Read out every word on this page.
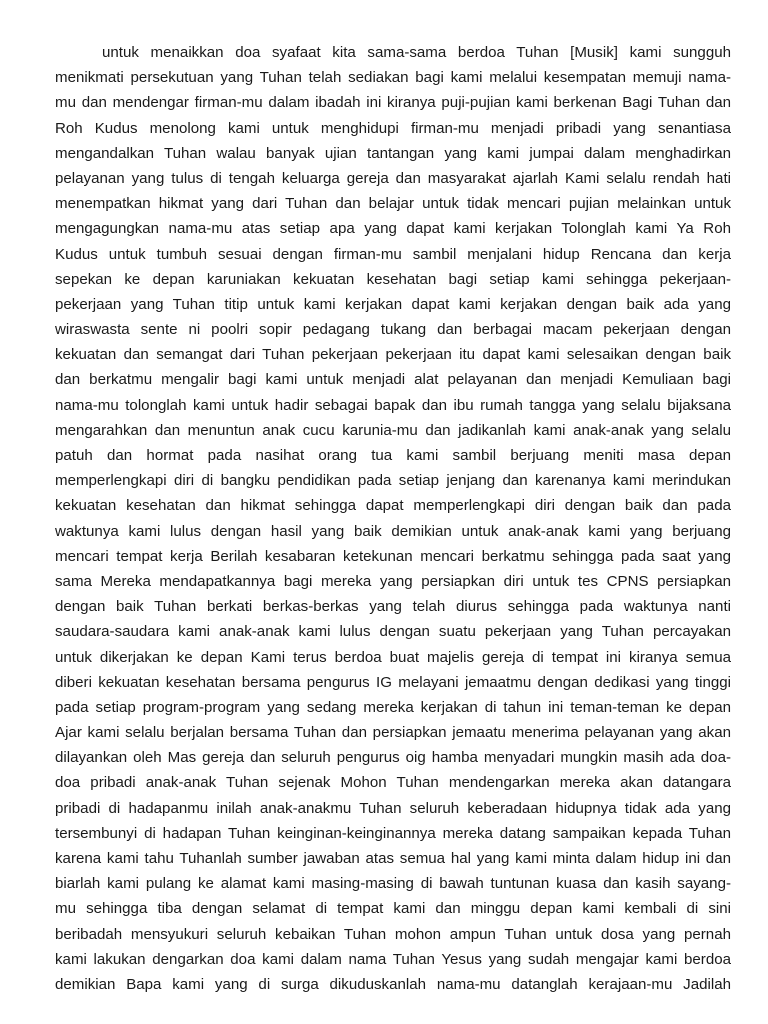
untuk menaikkan doa syafaat kita sama-sama berdoa Tuhan [Musik] kami sungguh
menikmati persekutuan yang Tuhan telah sediakan bagi kami melalui kesempatan memuji nama-
mu dan mendengar firman-mu dalam ibadah ini kiranya puji-pujian kami berkenan Bagi Tuhan dan
Roh Kudus menolong kami untuk menghidupi firman-mu menjadi pribadi yang senantiasa
mengandalkan Tuhan walau banyak ujian tantangan yang kami jumpai dalam menghadirkan
pelayanan yang tulus di tengah keluarga gereja dan masyarakat ajarlah Kami selalu rendah hati
menempatkan hikmat yang dari Tuhan dan belajar untuk tidak mencari pujian melainkan untuk
mengagungkan nama-mu atas setiap apa yang dapat kami kerjakan Tolonglah kami Ya Roh
Kudus untuk tumbuh sesuai dengan firman-mu sambil menjalani hidup Rencana dan kerja
sepekan ke depan karuniakan kekuatan kesehatan bagi setiap kami sehingga pekerjaan-
pekerjaan yang Tuhan titip untuk kami kerjakan dapat kami kerjakan dengan baik ada yang
wiraswasta sente ni poolri sopir pedagang tukang dan berbagai macam pekerjaan dengan
kekuatan dan semangat dari Tuhan pekerjaan pekerjaan itu dapat kami selesaikan dengan baik
dan berkatmu mengalir bagi kami untuk menjadi alat pelayanan dan menjadi Kemuliaan bagi
nama-mu tolonglah kami untuk hadir sebagai bapak dan ibu rumah tangga yang selalu bijaksana
mengarahkan dan menuntun anak cucu karunia-mu dan jadikanlah kami anak-anak yang selalu
patuh dan hormat pada nasihat orang tua kami sambil berjuang meniti masa depan
memperlengkapi diri di bangku pendidikan pada setiap jenjang dan karenanya kami merindukan
kekuatan kesehatan dan hikmat sehingga dapat memperlengkapi diri dengan baik dan pada
waktunya kami lulus dengan hasil yang baik demikian untuk anak-anak kami yang berjuang
mencari tempat kerja Berilah kesabaran ketekunan mencari berkatmu sehingga pada saat yang
sama Mereka mendapatkannya bagi mereka yang persiapkan diri untuk tes CPNS persiapkan
dengan baik Tuhan berkati berkas-berkas yang telah diurus sehingga pada waktunya nanti
saudara-saudara kami anak-anak kami lulus dengan suatu pekerjaan yang Tuhan percayakan
untuk dikerjakan ke depan Kami terus berdoa buat majelis gereja di tempat ini kiranya semua
diberi kekuatan kesehatan bersama pengurus IG melayani jemaatmu dengan dedikasi yang tinggi
pada setiap program-program yang sedang mereka kerjakan di tahun ini teman-teman ke depan
Ajar kami selalu berjalan bersama Tuhan dan persiapkan jemaatu menerima pelayanan yang akan
dilayankan oleh Mas gereja dan seluruh pengurus oig hamba menyadari mungkin masih ada doa-
doa pribadi anak-anak Tuhan sejenak Mohon Tuhan mendengarkan mereka akan datangara
pribadi di hadapanmu inilah anak-anakmu Tuhan seluruh keberadaan hidupnya tidak ada yang
tersembunyi di hadapan Tuhan keinginan-keinginannya mereka datang sampaikan kepada Tuhan
karena kami tahu Tuhanlah sumber jawaban atas semua hal yang kami minta dalam hidup ini dan
biarlah kami pulang ke alamat kami masing-masing di bawah tuntunan kuasa dan kasih sayang-
mu sehingga tiba dengan selamat di tempat kami dan minggu depan kami kembali di sini
beribadah mensyukuri seluruh kebaikan Tuhan mohon ampun Tuhan untuk dosa yang pernah
kami lakukan dengarkan doa kami dalam nama Tuhan Yesus yang sudah mengajar kami berdoa
demikian Bapa kami yang di surga dikuduskanlah nama-mu datanglah kerajaan-mu Jadilah
